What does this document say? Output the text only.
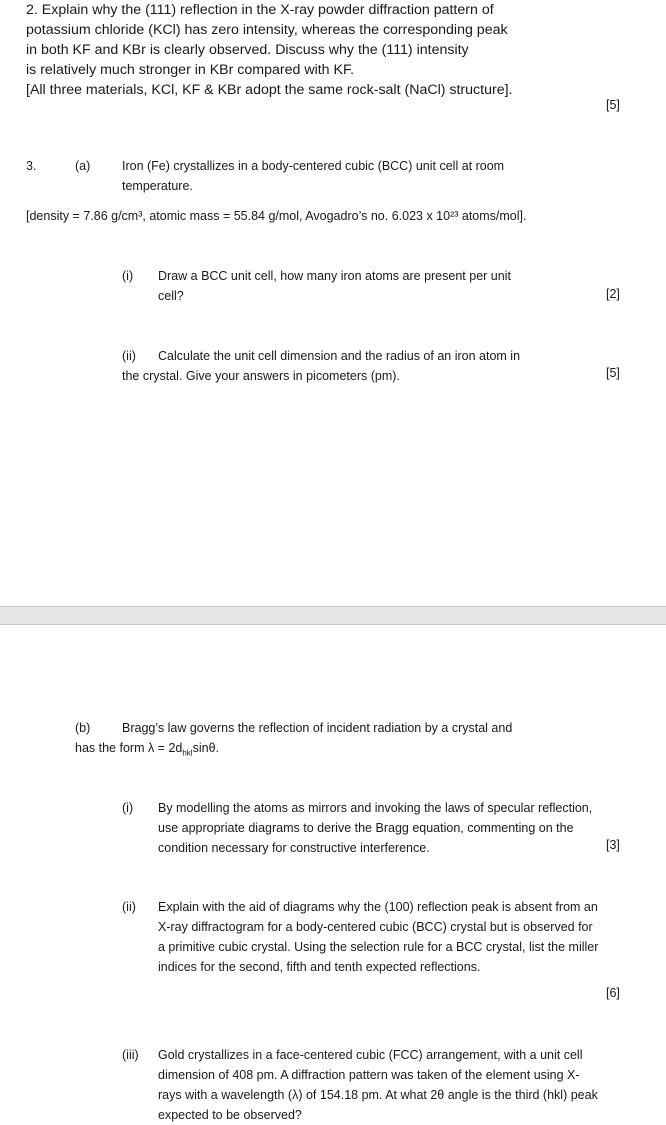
2. Explain why the (111) reflection in the X-ray powder diffraction pattern of
potassium chloride (KCl) has zero intensity, whereas the corresponding peak
in both KF and KBr is clearly observed. Discuss why the (111) intensity
is relatively much stronger in KBr compared with KF.
[All three materials, KCl, KF & KBr adopt the same rock-salt (NaCl) structure].
[5]
3.	(a)	Iron (Fe) crystallizes in a body-centered cubic (BCC) unit cell at room
temperature.
[density = 7.86 g/cm³, atomic mass = 55.84 g/mol, Avogadro’s no. 6.023 x 10²³ atoms/mol].
(i) Draw a BCC unit cell, how many iron atoms are present per unit
cell?	[2]
(ii) Calculate the unit cell dimension and the radius of an iron atom in
the crystal. Give your answers in picometers (pm).	[5]
(b)	Bragg’s law governs the reflection of incident radiation by a crystal and
has the form $\lambda = 2d_{hkl}\sin\theta$.
(i) By modelling the atoms as mirrors and invoking the laws of specular reflection,
use appropriate diagrams to derive the Bragg equation, commenting on the
condition necessary for constructive interference.	[3]
(ii) Explain with the aid of diagrams why the (100) reflection peak is absent from an
X-ray diffractogram for a body-centered cubic (BCC) crystal but is observed for
a primitive cubic crystal. Using the selection rule for a BCC crystal, list the miller
indices for the second, fifth and tenth expected reflections.
[6]
(iii) Gold crystallizes in a face-centered cubic (FCC) arrangement, with a unit cell
dimension of 408 pm. A diffraction pattern was taken of the element using X-
rays with a wavelength (λ) of 154.18 pm. At what 2θ angle is the third (hkl) peak
expected to be observed?
